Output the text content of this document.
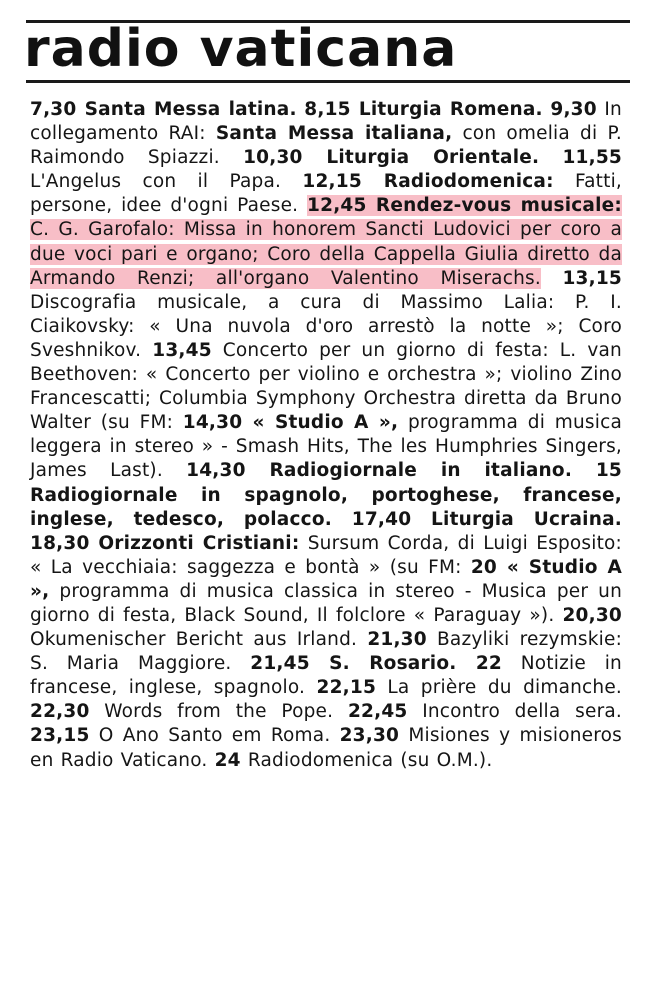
radio vaticana

7,30 Santa Messa latina. 8,15 Liturgia Romena. 9,30 In collegamento RAI: Santa Messa italiana, con omelia di P. Raimondo Spiazzi. 10,30 Liturgia Orientale. 11,55 L'Angelus con il Papa. 12,15 Radiodomenica: Fatti, persone, idee d'ogni Paese. 12,45 Rendez-vous musicale: C. G. Garofalo: Missa in honorem Sancti Ludovici per coro a due voci pari e organo; Coro della Cappella Giulia diretto da Armando Renzi; all'organo Valentino Miserachs. 13,15 Discografia musicale, a cura di Massimo Lalia: P. I. Ciaikovsky: « Una nuvola d'oro arrestò la notte »; Coro Sveshnikov. 13,45 Concerto per un giorno di festa: L. van Beethoven: « Concerto per violino e orchestra »; violino Zino Francescatti; Columbia Symphony Orchestra diretta da Bruno Walter (su FM: 14,30 « Studio A », programma di musica leggera in stereo » - Smash Hits, The les Humphries Singers, James Last). 14,30 Radiogiornale in italiano. 15 Radiogiornale in spagnolo, portoghese, francese, inglese, tedesco, polacco. 17,40 Liturgia Ucraina. 18,30 Orizzonti Cristiani: Sursum Corda, di Luigi Esposito: « La vecchiaia: saggezza e bontà » (su FM: 20 « Studio A », programma di musica classica in stereo - Musica per un giorno di festa, Black Sound, Il folclore « Paraguay »). 20,30 Okumenischer Bericht aus Irland. 21,30 Bazyliki rezymskie: S. Maria Maggiore. 21,45 S. Rosario. 22 Notizie in francese, inglese, spagnolo. 22,15 La prière du dimanche. 22,30 Words from the Pope. 22,45 Incontro della sera. 23,15 O Ano Santo em Roma. 23,30 Misiones y misioneros en Radio Vaticano. 24 Radiodomenica (su O.M.).
